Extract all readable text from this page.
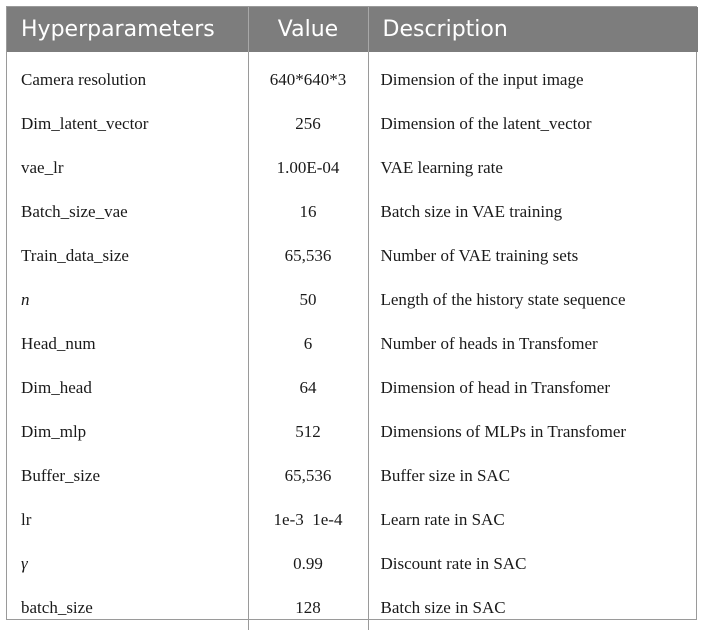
Hyperparameters	Value	Description
Camera resolution	640*640*3	Dimension of the input image
Dim_latent_vector	256	Dimension of the latent_vector
vae_lr	1.00E-04	VAE learning rate
Batch_size_vae	16	Batch size in VAE training
Train_data_size	65,536	Number of VAE training sets
n	50	Length of the history state sequence
Head_num	6	Number of heads in Transfomer
Dim_head	64	Dimension of head in Transfomer
Dim_mlp	512	Dimensions of MLPs in Transfomer
Buffer_size	65,536	Buffer size in SAC
lr	1e-3  1e-4	Learn rate in SAC
γ	0.99	Discount rate in SAC
batch_size	128	Batch size in SAC
